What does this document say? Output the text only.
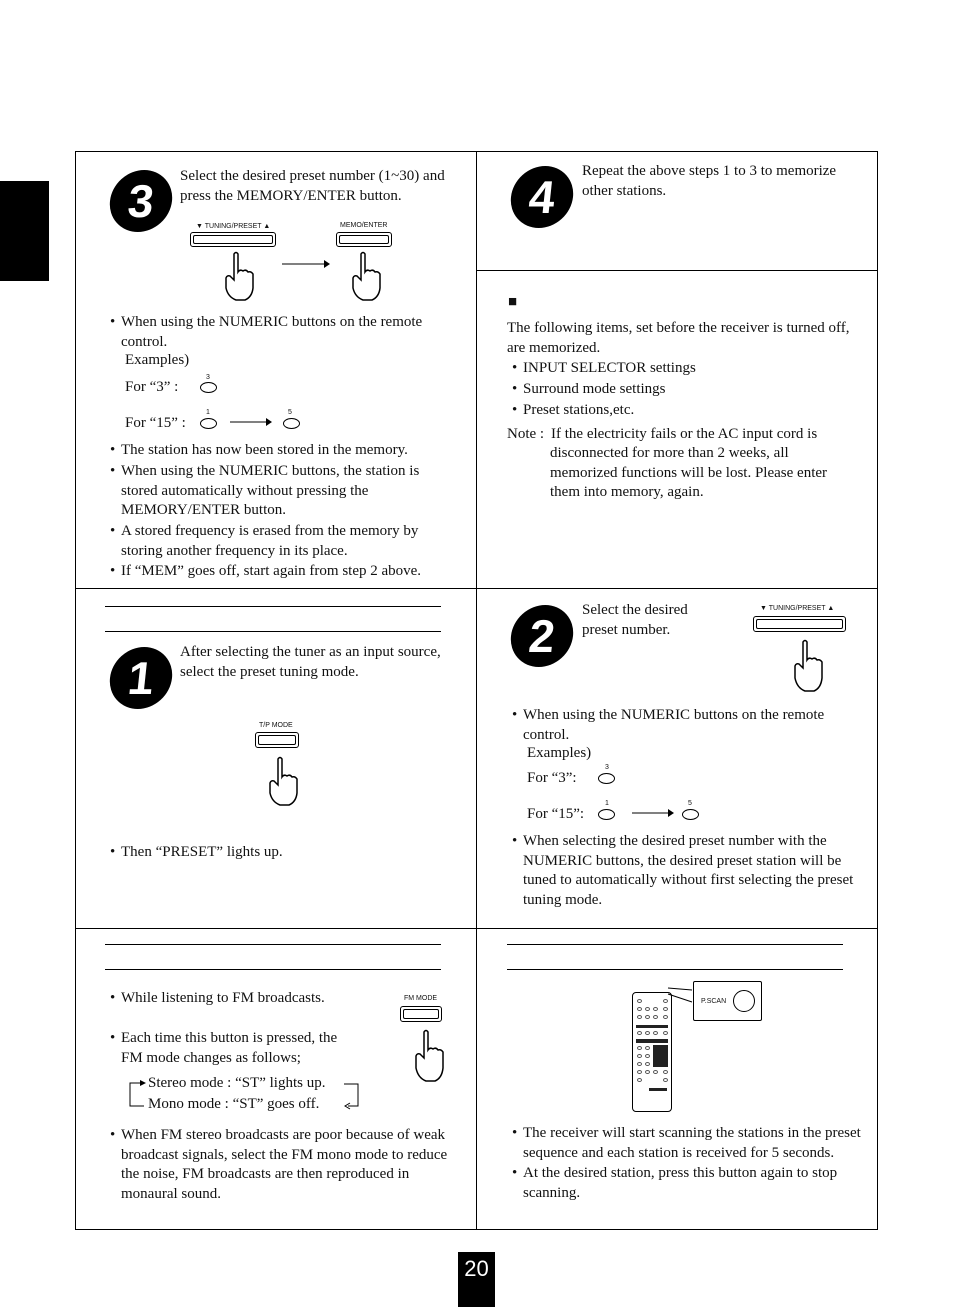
3	Select the desired preset number (1~30) and press the MEMORY/ENTER button.
▼ TUNING/PRESET ▲	MEMO/ENTER
• When using the NUMERIC buttons on the remote control.
Examples)
For “3” :
3
For “15” :
1	5
• The station has now been stored in the memory.
• When using the NUMERIC buttons, the station is stored automatically without pressing the MEMORY/ENTER button.
• A stored frequency is erased from the memory by storing another frequency in its place.
• If “MEM” goes off, start again from step 2 above.
4	Repeat the above steps 1 to 3 to memorize other stations.
■
The following items, set before the receiver is turned off, are memorized.
• INPUT SELECTOR settings
• Surround mode settings
• Preset stations,etc.
Note : If the electricity fails or the AC input cord is
disconnected for more than 2 weeks, all memorized functions will be lost. Please enter them into memory, again.
1	After selecting the tuner as an input source, select the preset tuning mode.
T/P MODE
• Then “PRESET” lights up.
2	Select the desired preset number.
▼ TUNING/PRESET ▲
• When using the NUMERIC buttons on the remote control.
Examples)
For “3”:
3
For “15”:
1	5
• When selecting the desired preset number with the NUMERIC buttons, the desired preset station will be tuned to automatically without first selecting the preset tuning mode.
• While listening to FM broadcasts.	FM MODE
• Each time this button is pressed, the FM mode changes as follows;
Stereo mode : “ST” lights up.
Mono mode : “ST” goes off.
• When FM stereo broadcasts are poor because of weak broadcast signals, select the FM mono mode to reduce the noise, FM broadcasts are then reproduced in monaural sound.
P.SCAN
• The receiver will start scanning the stations in the preset sequence and each station is received for 5 seconds.
• At the desired station, press this button again to stop scanning.
20
